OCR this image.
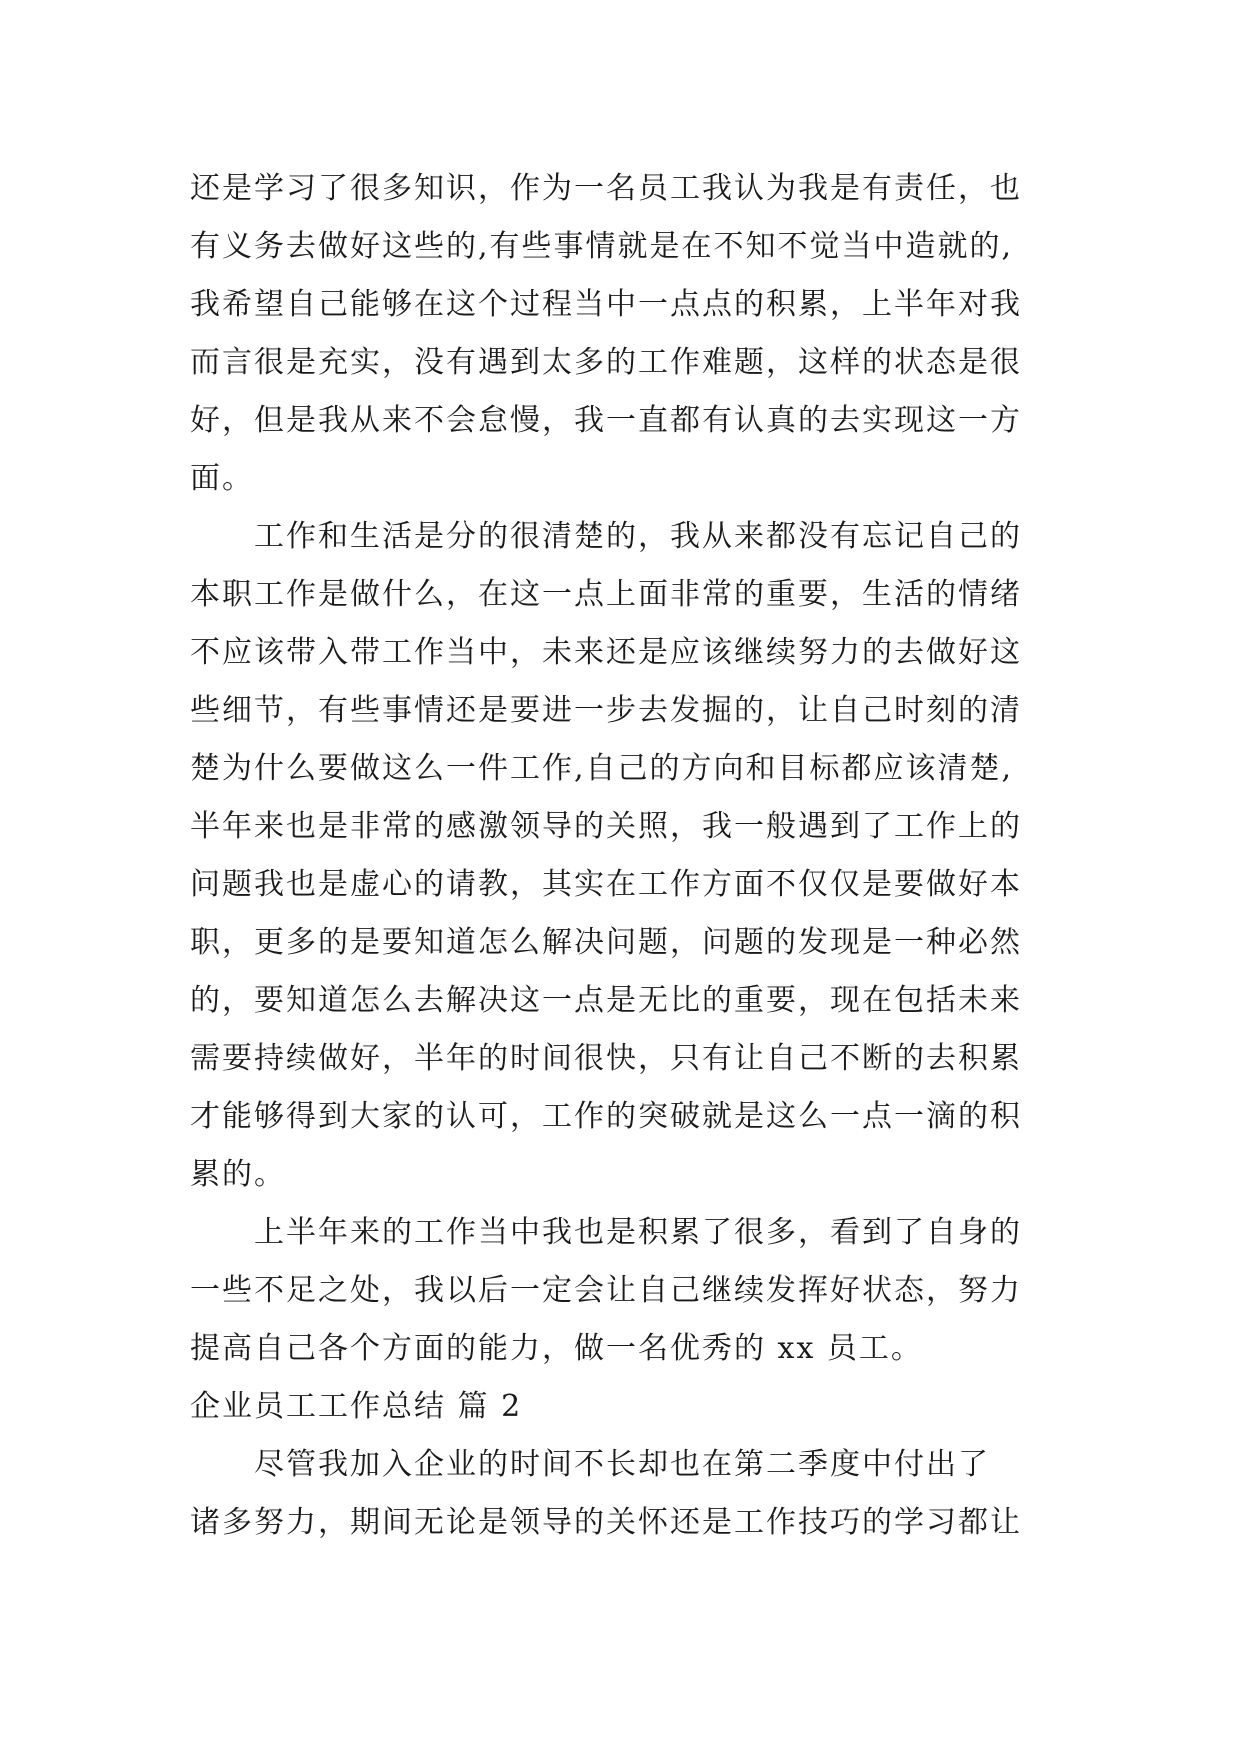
还是学习了很多知识，作为一名员工我认为我是有责任，也
有义务去做好这些的,有些事情就是在不知不觉当中造就的,
我希望自己能够在这个过程当中一点点的积累，上半年对我
而言很是充实，没有遇到太多的工作难题，这样的状态是很
好，但是我从来不会怠慢，我一直都有认真的去实现这一方
面。
工作和生活是分的很清楚的，我从来都没有忘记自己的
本职工作是做什么，在这一点上面非常的重要，生活的情绪
不应该带入带工作当中，未来还是应该继续努力的去做好这
些细节，有些事情还是要进一步去发掘的，让自己时刻的清
楚为什么要做这么一件工作,自己的方向和目标都应该清楚,
半年来也是非常的感激领导的关照，我一般遇到了工作上的
问题我也是虚心的请教，其实在工作方面不仅仅是要做好本
职，更多的是要知道怎么解决问题，问题的发现是一种必然
的，要知道怎么去解决这一点是无比的重要，现在包括未来
需要持续做好，半年的时间很快，只有让自己不断的去积累
才能够得到大家的认可，工作的突破就是这么一点一滴的积
累的。
上半年来的工作当中我也是积累了很多，看到了自身的
一些不足之处，我以后一定会让自己继续发挥好状态，努力
提高自己各个方面的能力，做一名优秀的 xx 员工。
企业员工工作总结 篇 2
尽管我加入企业的时间不长却也在第二季度中付出了
诸多努力，期间无论是领导的关怀还是工作技巧的学习都让
